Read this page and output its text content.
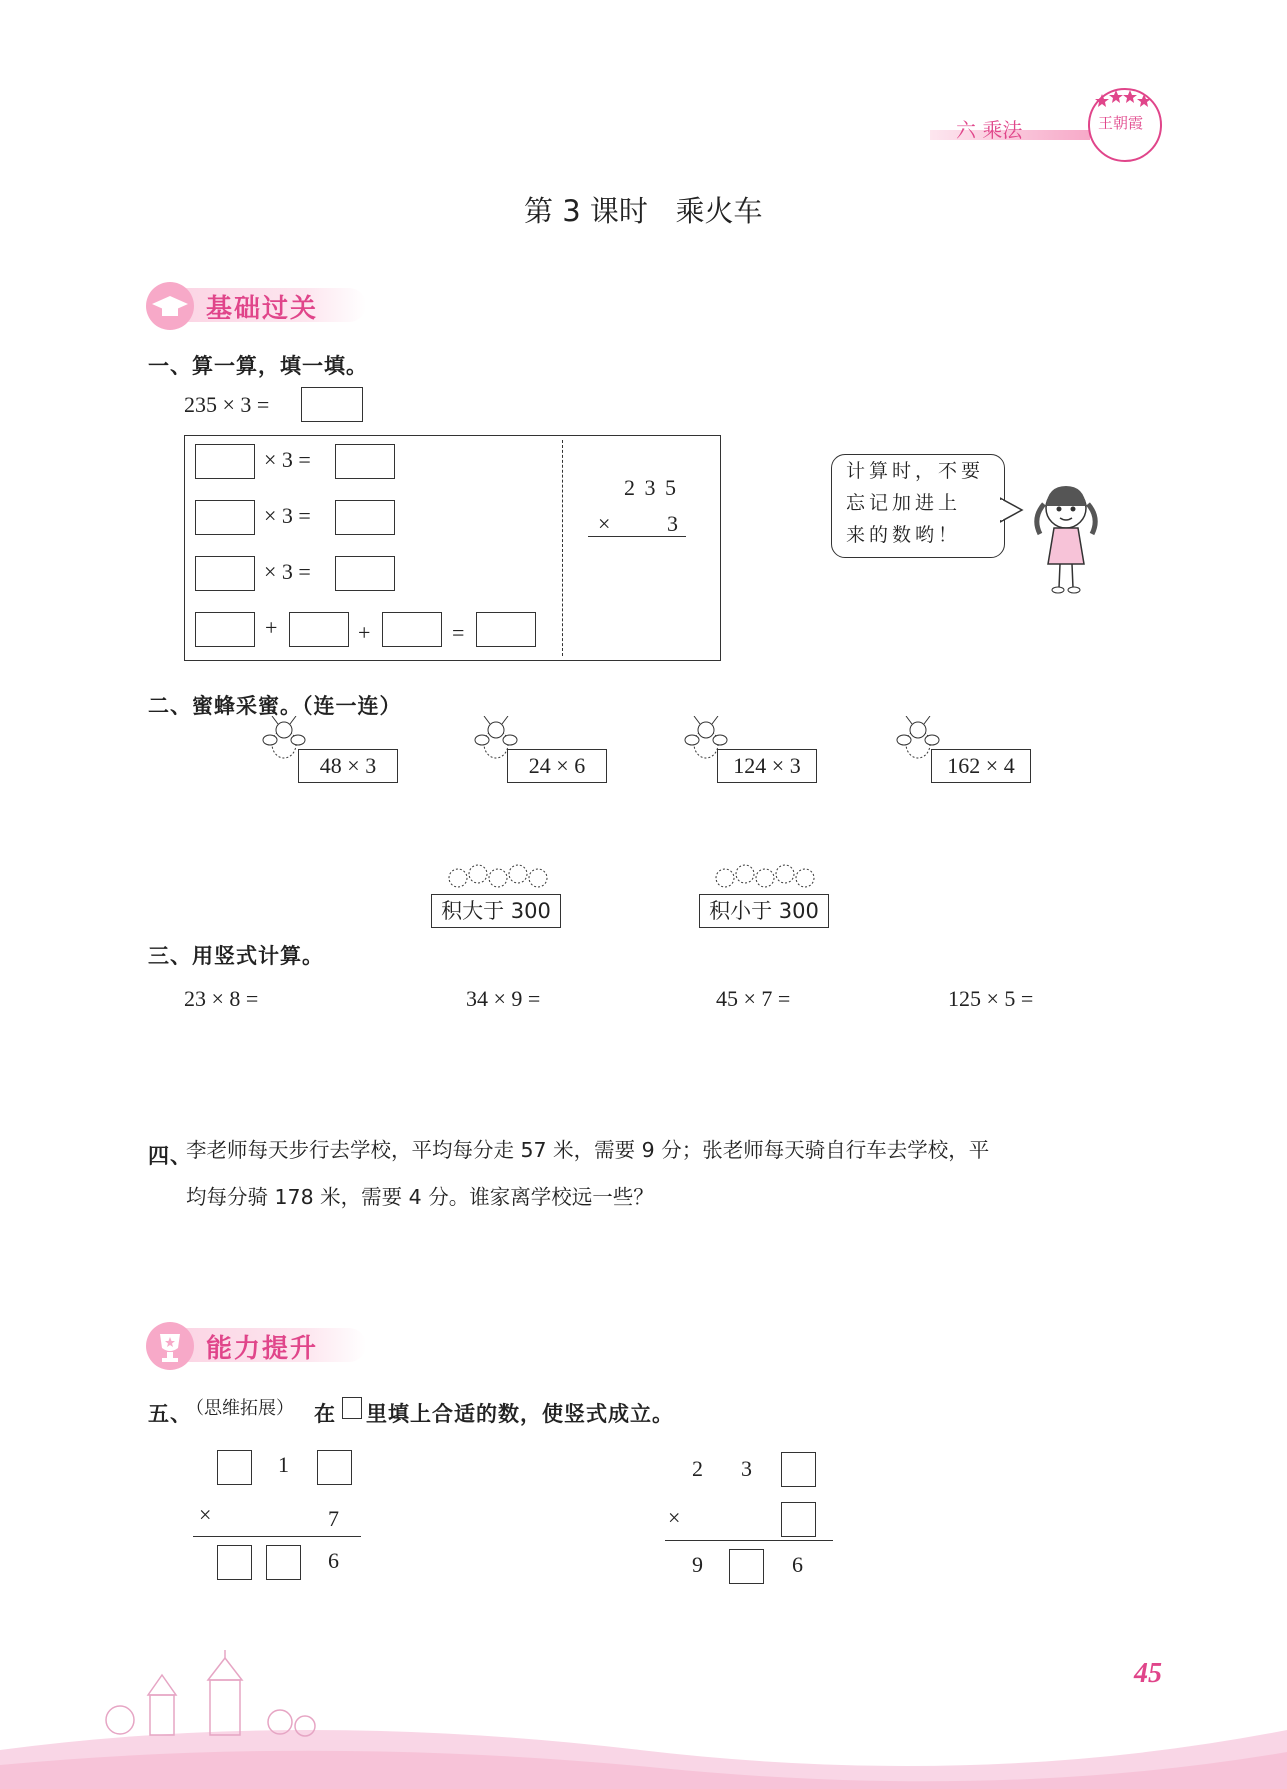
六 乘法	王朝霞
第 3 课时   乘火车
基础过关
一、算一算，填一填。
235 × 3 =
× 3 =
× 3 =
× 3 =
+	+	=
2 3 5
×	3
计算时，不要
忘记加进上
来的数哟！
二、蜜蜂采蜜。（连一连）
48 × 3	24 × 6	124 × 3	162 × 4
积大于 300	积小于 300
三、用竖式计算。
23 × 8 =	34 × 9 =	45 × 7 =	125 × 5 =
四、
李老师每天步行去学校，平均每分走 57 米，需要 9 分；张老师每天骑自行车去学校，平
均每分骑 178 米，需要 4 分。谁家离学校远一些？
能力提升
五、
（思维拓展） 在 里填上合适的数，使竖式成立。
1
×	7
6
2 3
×
9	6
45
